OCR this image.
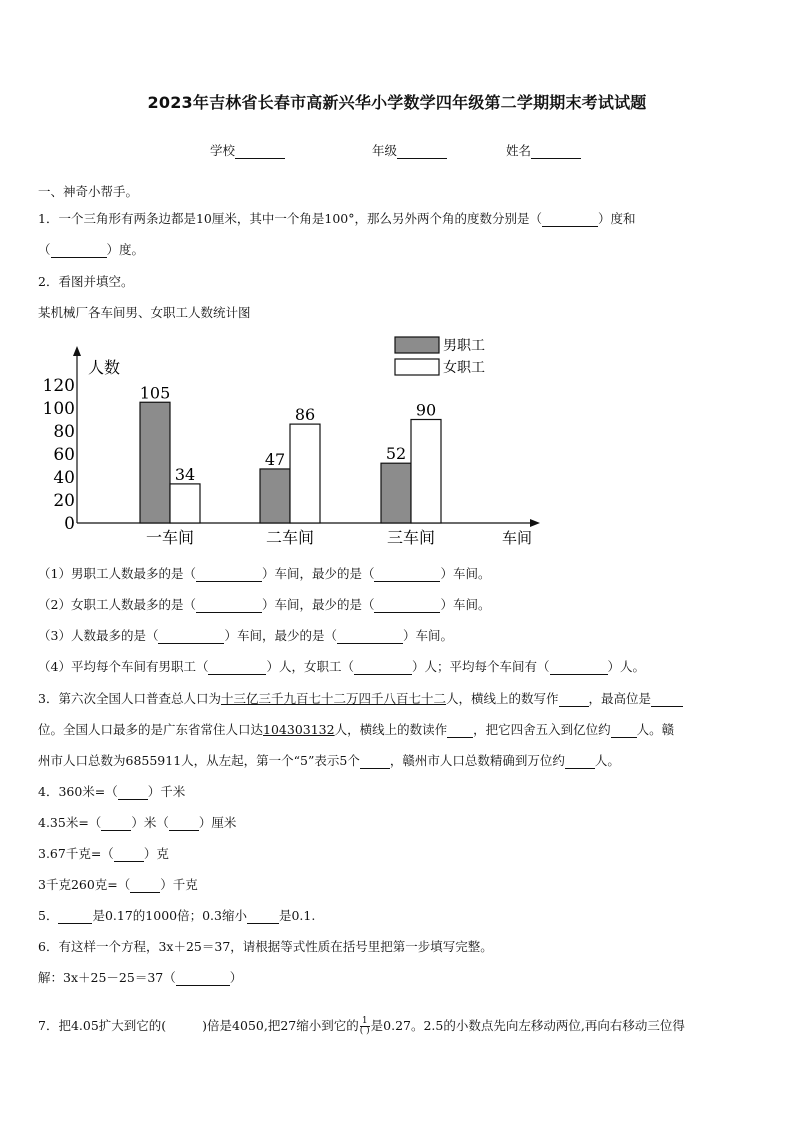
2023年吉林省长春市高新兴华小学数学四年级第二学期期末考试试题
学校	年级	姓名
一、神奇小帮手。
1．一个三角形有两条边都是10厘米，其中一个角是100°，那么另外两个角的度数分别是（	）度和
（	）度。
2．看图并填空。
某机械厂各车间男、女职工人数统计图
人数
车间
0
20
40
60
80
100
120	105
34
一车间
47
86
二车间
52
90
三车间
男职工
女职工
（1）男职工人数最多的是（	）车间，最少的是（	）车间。
（2）女职工人数最多的是（	）车间，最少的是（	）车间。
（3）人数最多的是（	）车间，最少的是（	）车间。
（4）平均每个车间有男职工（	）人，女职工（	）人；平均每个车间有（	）人。
3．第六次全国人口普查总人口为十三亿三千九百七十二万四千八百七十二人，横线上的数写作 ，最高位是
位。全国人口最多的是广东省常住人口达104303132人，横线上的数读作 ，把它四舍五入到亿位约 人。赣
州市人口总数为6855911人，从左起，第一个“5”表示5个 ，赣州市人口总数精确到万位约 人。
4．360米=（ ）千米
4.35米=（ ）米（ ）厘米
3.67千克=（ ）克
3千克260克=（ ）千克
5．	是0.17的1000倍；0.3缩小	是0.1.
6．有这样一个方程，3x＋25＝37，请根据等式性质在括号里把第一步填写完整。
解：3x＋25－25＝37（	）
7．把4.05扩大到它的(	)倍是4050,把27缩小到它的 $\frac{1}{( )}$ 是0.27。2.5的小数点先向左移动两位,再向右移动三位得
